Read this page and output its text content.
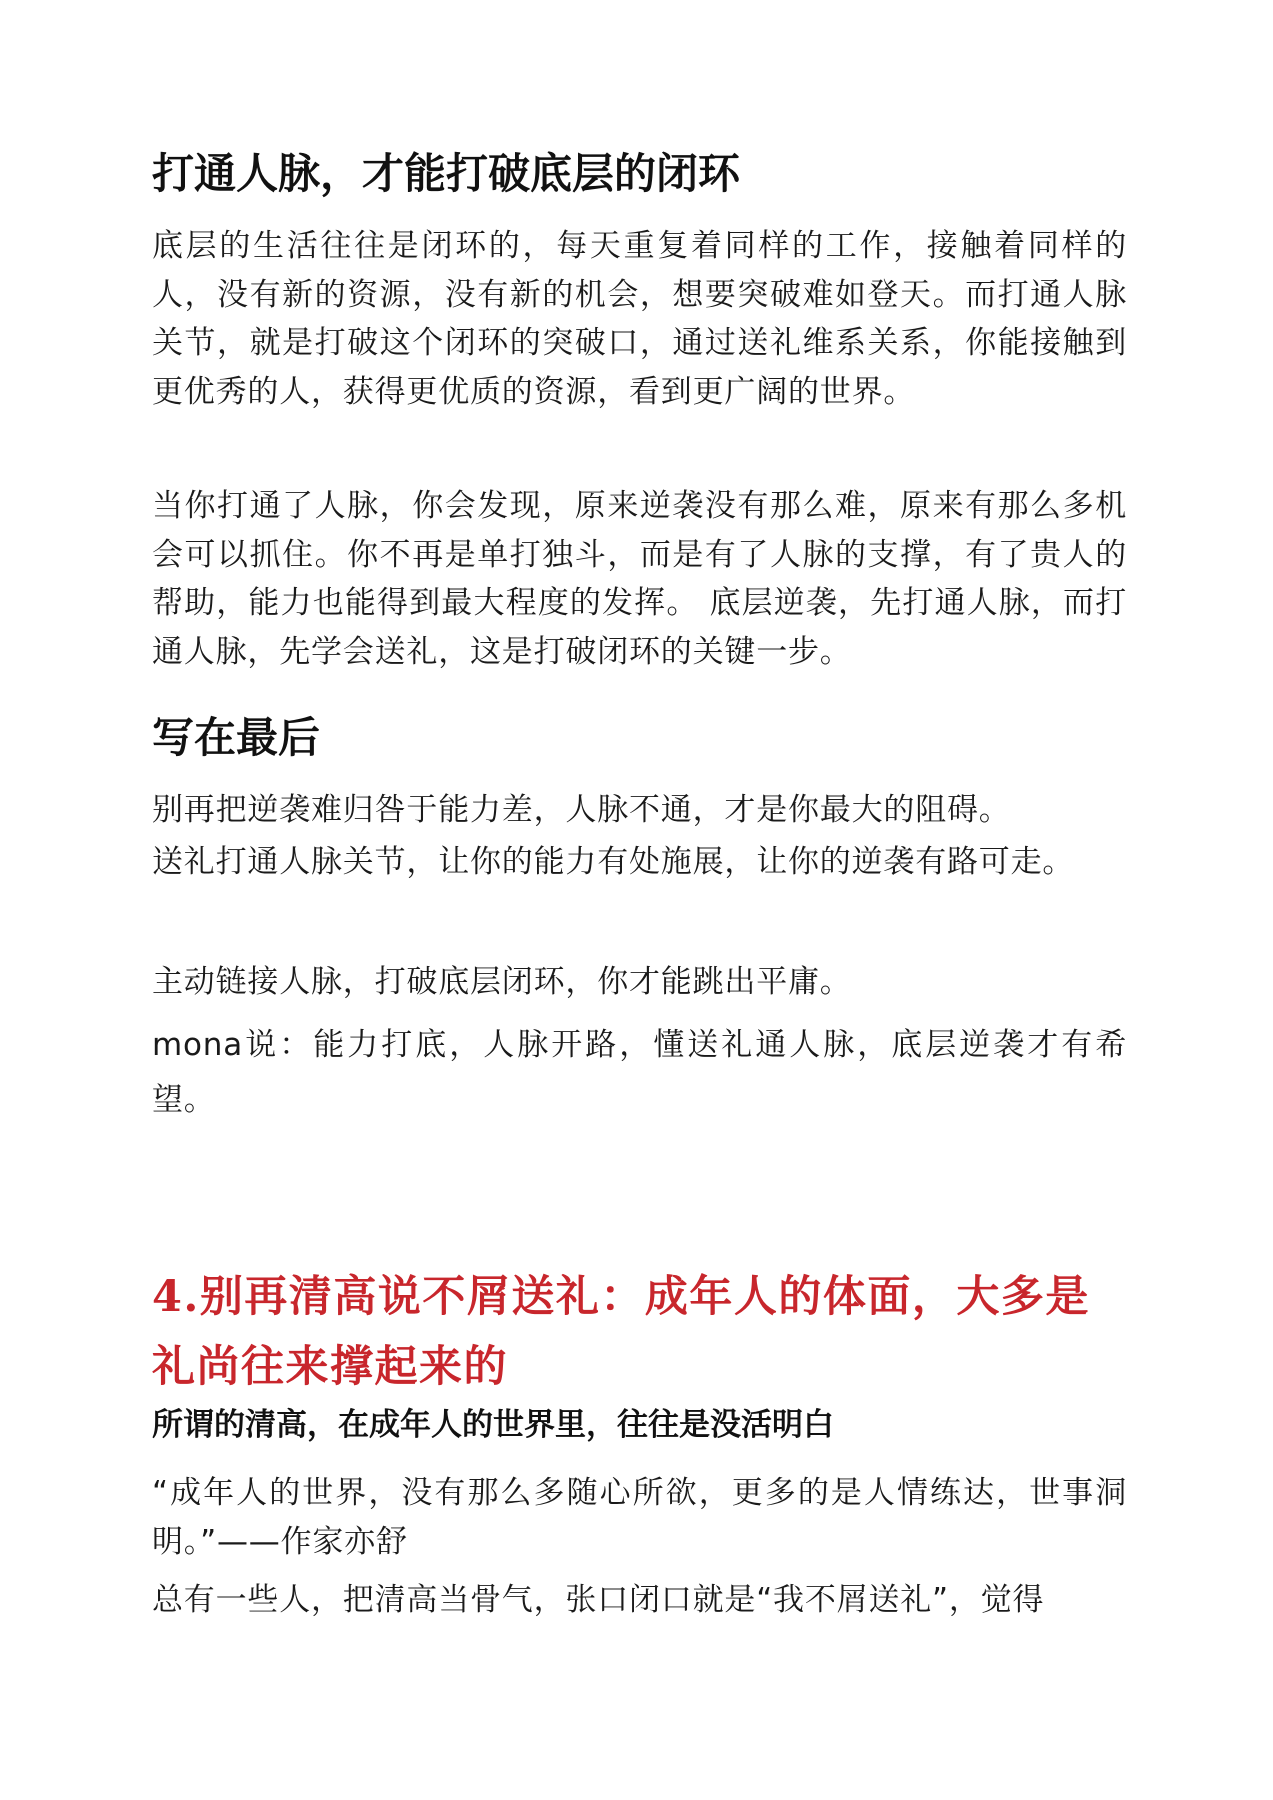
打通人脉，才能打破底层的闭环

底层的生活往往是闭环的，每天重复着同样的工作，接触着同样的人，没有新的资源，没有新的机会，想要突破难如登天。而打通人脉关节，就是打破这个闭环的突破口，通过送礼维系关系，你能接触到更优秀的人，获得更优质的资源，看到更广阔的世界。

当你打通了人脉，你会发现，原来逆袭没有那么难，原来有那么多机会可以抓住。你不再是单打独斗，而是有了人脉的支撑，有了贵人的帮助，能力也能得到最大程度的发挥。 底层逆袭，先打通人脉，而打通人脉，先学会送礼，这是打破闭环的关键一步。

写在最后

别再把逆袭难归咎于能力差，人脉不通，才是你最大的阻碍。

送礼打通人脉关节，让你的能力有处施展，让你的逆袭有路可走。

主动链接人脉，打破底层闭环，你才能跳出平庸。

mona说：能力打底，人脉开路，懂送礼通人脉，底层逆袭才有希 望。

4.别再清高说不屑送礼：成年人的体面，大多是礼尚往来撑起来的
所谓的清高，在成年人的世界里，往往是没活明白

“成年人的世界，没有那么多随心所欲，更多的是人情练达，世事洞明。”——作家亦舒

总有一些人，把清高当骨气，张口闭口就是“我不屑送礼”，觉得
